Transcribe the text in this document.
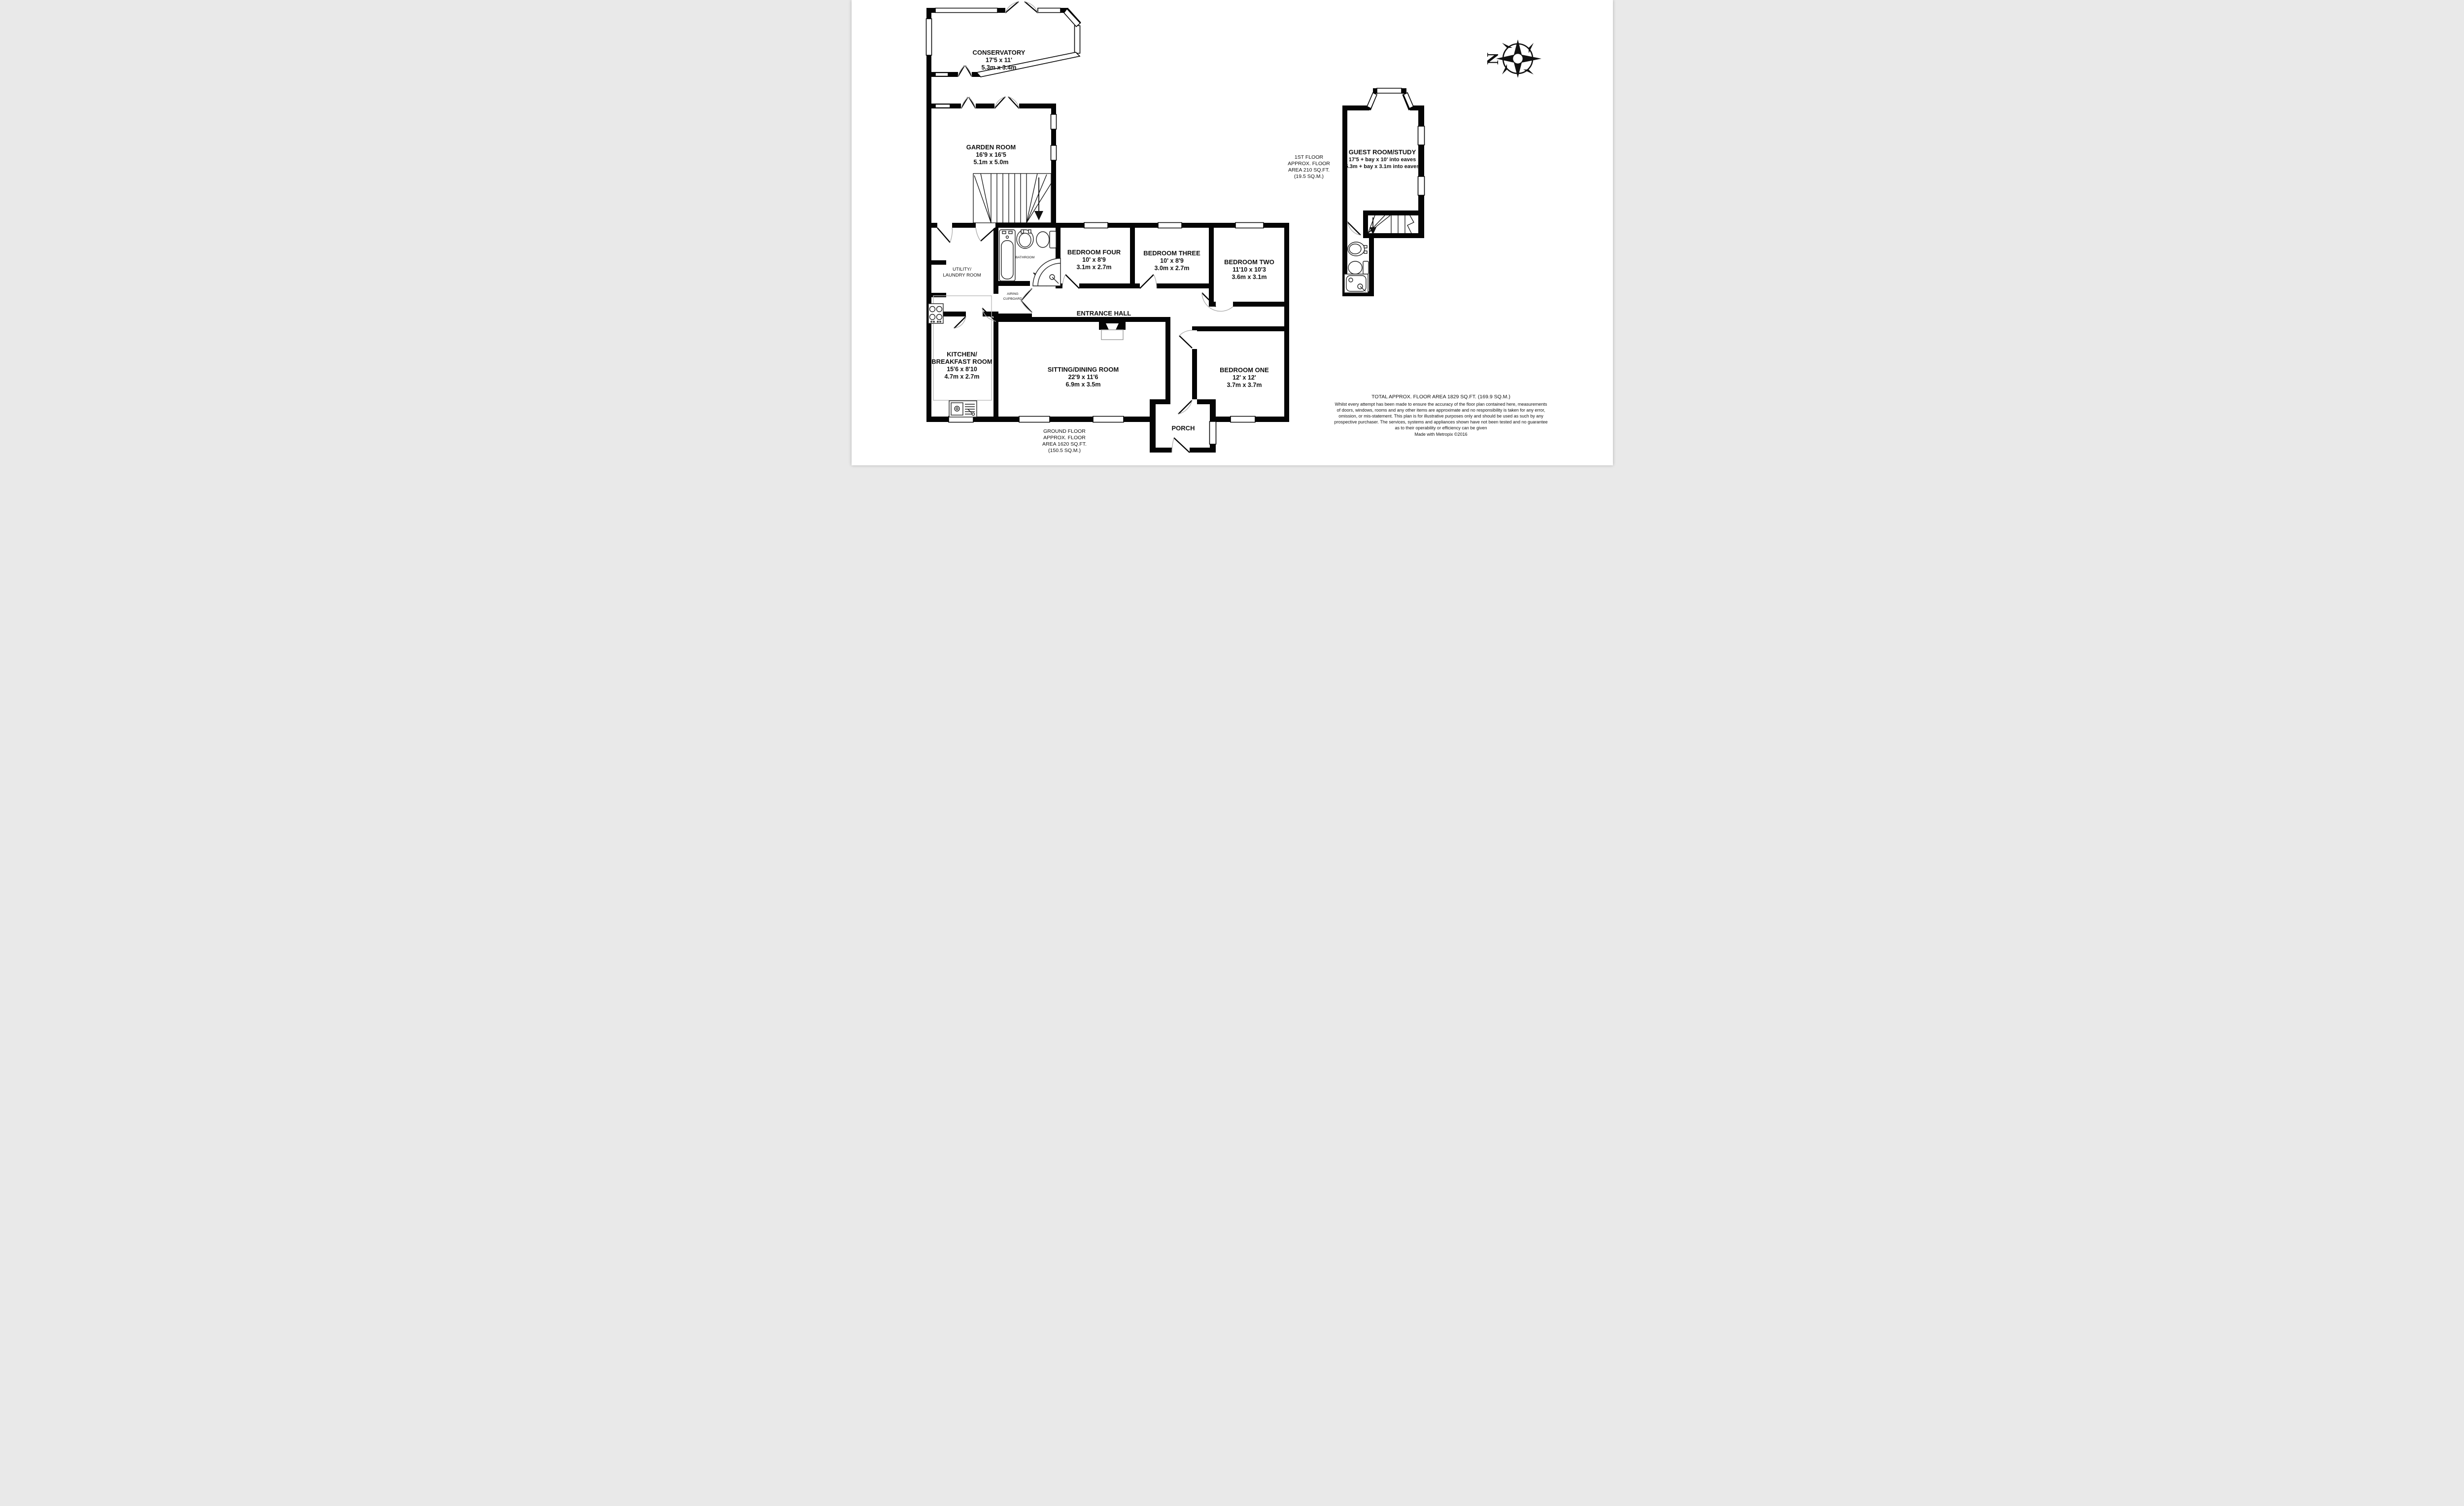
N
CONSERVATORY
17'5 x 11'
5.3m x 3.4m
GARDEN ROOM
16'9 x 16'5
5.1m x 5.0m
UTILITY/
LAUNDRY ROOM
BATHROOM
AIRING
CUPBOARD
BEDROOM FOUR
10' x 8'9
3.1m x 2.7m
BEDROOM THREE
10' x 8'9
3.0m x 2.7m
BEDROOM TWO
11'10 x 10'3
3.6m x 3.1m
ENTRANCE HALL
KITCHEN/
BREAKFAST ROOM
15'6 x 8'10
4.7m x 2.7m
SITTING/DINING ROOM
22'9 x 11'6
6.9m x 3.5m
BEDROOM ONE
12' x 12'
3.7m x 3.7m
PORCH
GROUND FLOOR
APPROX. FLOOR
AREA 1620 SQ.FT.
(150.5 SQ.M.)
GUEST ROOM/STUDY
17'5 + bay x 10' into eaves
5.3m + bay x 3.1m into eaves
1ST FLOOR
APPROX. FLOOR
AREA 210 SQ.FT.
(19.5 SQ.M.)
TOTAL APPROX. FLOOR AREA 1829 SQ.FT. (169.9 SQ.M.)
Whilst every attempt has been made to ensure the accuracy of the floor plan contained here, measurements
of doors, windows, rooms and any other items are approximate and no responsibility is taken for any error,
omission, or mis-statement. This plan is for illustrative purposes only and should be used as such by any
prospective purchaser. The services, systems and appliances shown have not been tested and no guarantee
as to their operability or efficiency can be given
Made with Metropix ©2016
